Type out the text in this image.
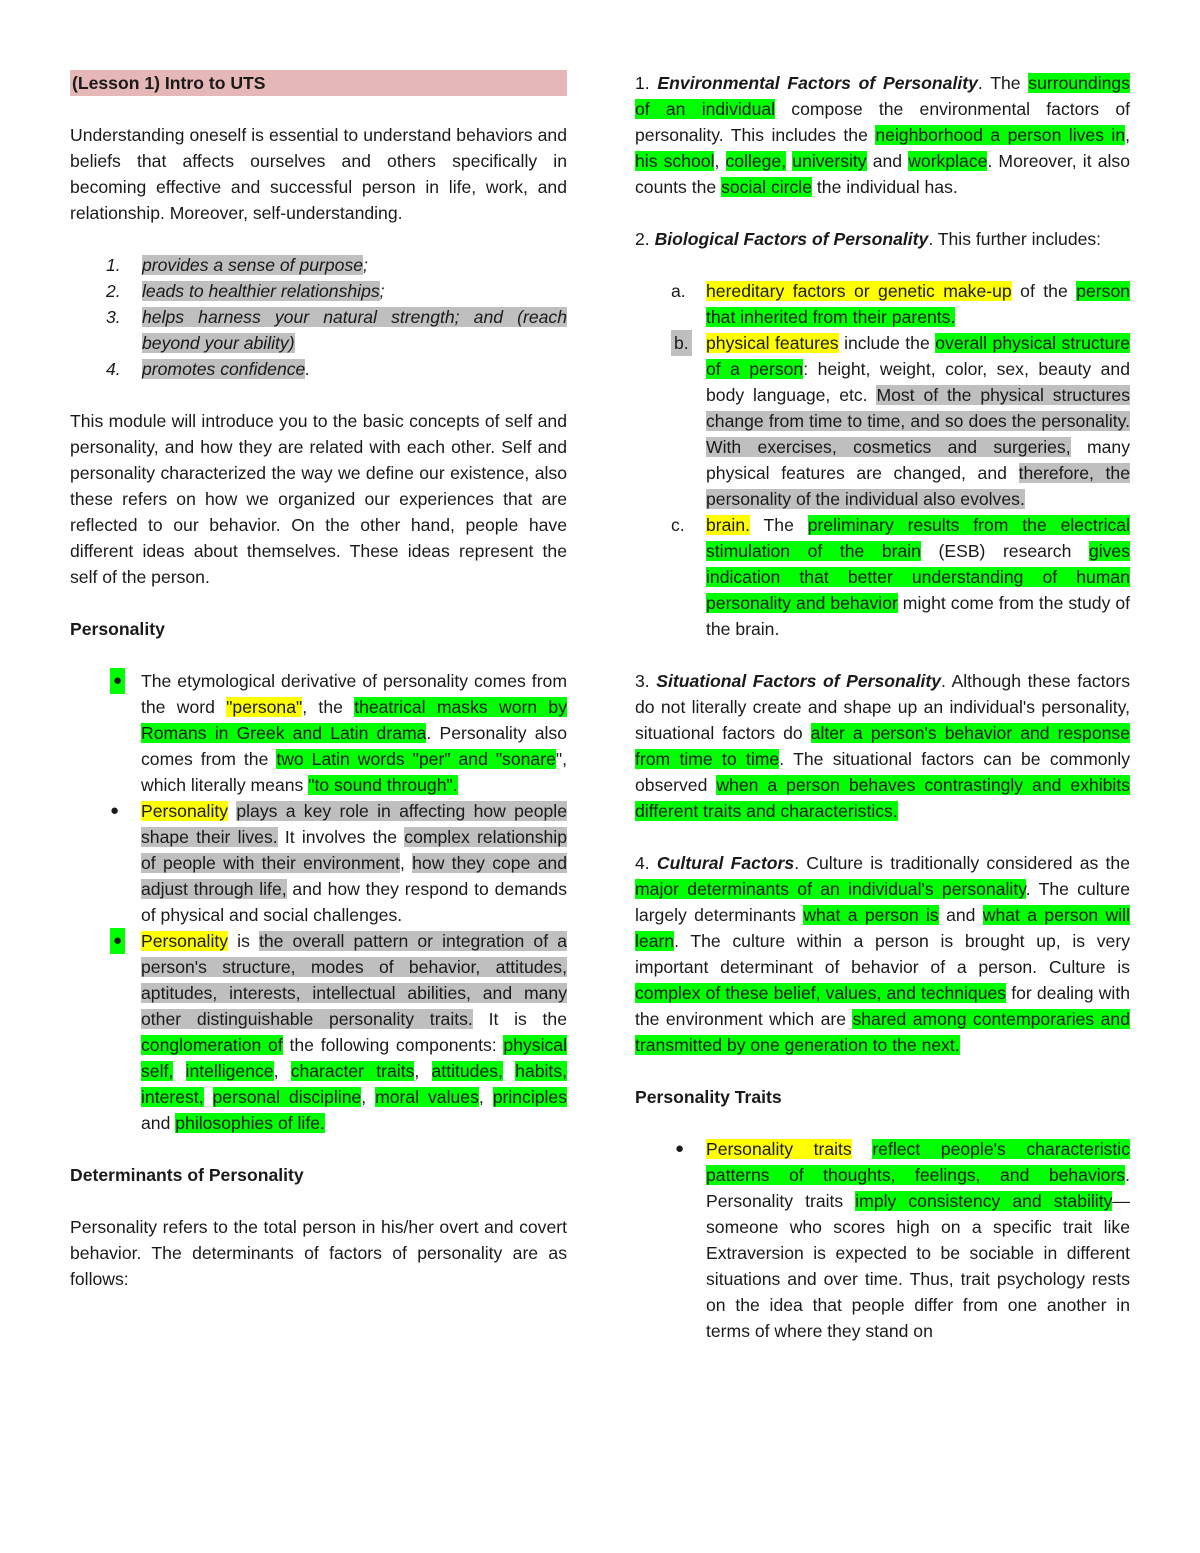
(Lesson 1) Intro to UTS

Understanding oneself is essential to understand behaviors and beliefs that affects ourselves and others specifically in becoming effective and successful person in life, work, and relationship. Moreover, self-understanding.

1. provides a sense of purpose;
2. leads to healthier relationships;
3. helps harness your natural strength; and (reach beyond your ability)
4. promotes confidence.

This module will introduce you to the basic concepts of self and personality, and how they are related with each other. Self and personality characterized the way we define our existence, also these refers on how we organized our experiences that are reflected to our behavior. On the other hand, people have different ideas about themselves. These ideas represent the self of the person.

Personality
● The etymological derivative of personality comes from the word "persona", the theatrical masks worn by Romans in Greek and Latin drama. Personality also comes from the two Latin words "per" and "sonare", which literally means "to sound through".
● Personality plays a key role in affecting how people shape their lives. It involves the complex relationship of people with their environment, how they cope and adjust through life, and how they respond to demands of physical and social challenges.
● Personality is the overall pattern or integration of a person's structure, modes of behavior, attitudes, aptitudes, interests, intellectual abilities, and many other distinguishable personality traits. It is the conglomeration of the following components: physical self, intelligence, character traits, attitudes, habits, interest, personal discipline, moral values, principles and philosophies of life.
Determinants of Personality

Personality refers to the total person in his/her overt and covert behavior. The determinants of factors of personality are as follows:

1. Environmental Factors of Personality. The surroundings of an individual compose the environmental factors of personality. This includes the neighborhood a person lives in, his school, college, university and workplace. Moreover, it also counts the social circle the individual has.

2. Biological Factors of Personality. This further includes:

a. hereditary factors or genetic make-up of the person that inherited from their parents.
b. physical features include the overall physical structure of a person: height, weight, color, sex, beauty and body language, etc. Most of the physical structures change from time to time, and so does the personality. With exercises, cosmetics and surgeries, many physical features are changed, and therefore, the personality of the individual also evolves.
c. brain. The preliminary results from the electrical stimulation of the brain (ESB) research gives indication that better understanding of human personality and behavior might come from the study of the brain.

3. Situational Factors of Personality. Although these factors do not literally create and shape up an individual's personality, situational factors do alter a person's behavior and response from time to time. The situational factors can be commonly observed when a person behaves contrastingly and exhibits different traits and characteristics.

4. Cultural Factors. Culture is traditionally considered as the major determinants of an individual's personality. The culture largely determinants what a person is and what a person will learn. The culture within a person is brought up, is very important determinant of behavior of a person. Culture is complex of these belief, values, and techniques for dealing with the environment which are shared among contemporaries and transmitted by one generation to the next.

Personality Traits
● Personality traits reflect people's characteristic patterns of thoughts, feelings, and behaviors. Personality traits imply consistency and stability—someone who scores high on a specific trait like Extraversion is expected to be sociable in different situations and over time. Thus, trait psychology rests on the idea that people differ from one another in terms of where they stand on
